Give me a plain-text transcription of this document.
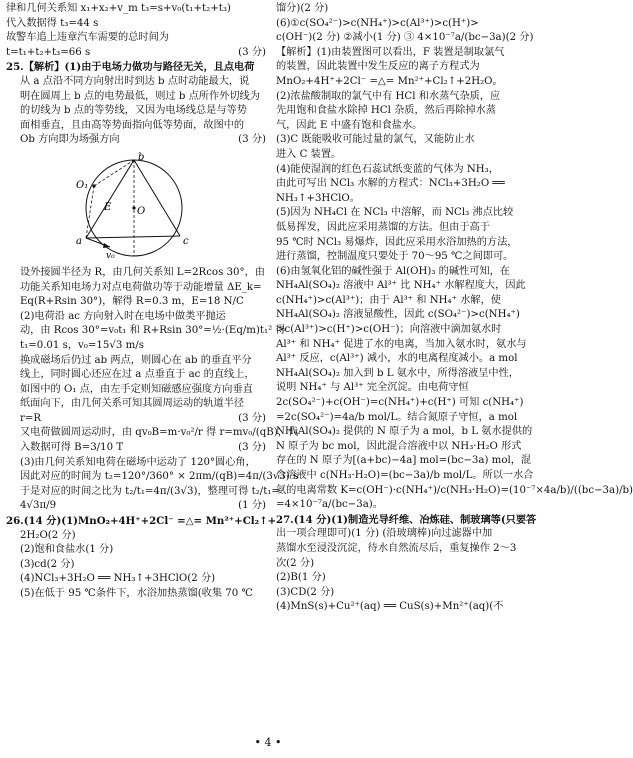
律和几何关系知 x₁+x₂+v_m t₃=s+v₀(t₁+t₂+t₃)
代入数据得 t₃=44 s
故警车追上违章汽车需要的总时间为
t=t₁+t₂+t₃=66 s	(3 分)
25.【解析】(1)由于电场力做功与路径无关，且点电荷
从 a 点沿不同方向射出时到达 b 点时动能最大，说
明在圆周上 b 点的电势最低，则过 b 点所作外切线为
的切线为 b 点的等势线，又因为电场线总是与等势
面相垂直，且由高等势面指向低等势面，故图中的
Ob 方向即为场强方向	(3 分)
b
O
O₁
a	c
E
v₀
设外接圆半径为 R，由几何关系知 L=2Rcos 30°，由
功能关系知电场力对点电荷做功等于动能增量 ΔE_k=
Eq(R+Rsin 30°)，解得 R=0.3 m，E=18 N/C
(2)电荷沿 ac 方向射入时在电场中做类平抛运
动，由 Rcos 30°=v₀t₁ 和 R+Rsin 30°=½·(Eq/m)t₁² 得
t₁=0.01 s，v₀=15√3 m/s
换成磁场后仍过 ab 两点，则圆心在 ab 的垂直平分
线上，同时圆心还应在过 a 点垂直于 ac 的直线上，
如图中的 O₁ 点，由左手定则知磁感应强度方向垂直
纸面向下，由几何关系可知其圆周运动的轨道半径
r=R	(3 分)
又电荷做圆周运动时，由 qv₀B=m·v₀²/r 得 r=mv₀/(qB)，代
入数据可得 B=3/10 T	(3 分)
(3)由几何关系知电荷在磁场中运动了 120°圆心角，
因此对应的时间为 t₂=120°/360° × 2πm/(qB)=4π/(3√3) s
于是对应的时间之比为 t₂/t₁=4π/(3√3)，整理可得 t₂/t₁=
4√3π/9	(1 分)
26.(14 分)(1)MnO₂+4H⁺+2Cl⁻ =△= Mn²⁺+Cl₂↑+
2H₂O(2 分)
(2)饱和食盐水(1 分)
(3)cd(2 分)
(4)NCl₃+3H₂O ══ NH₃↑+3HClO(2 分)
(5)在低于 95 ℃条件下，水浴加热蒸馏(收集 70 ℃
馏分)(2 分)
(6)①c(SO₄²⁻)>c(NH₄⁺)>c(Al³⁺)>c(H⁺)>
c(OH⁻)(2 分) ②减小(1 分) ③ 4×10⁻⁷a/(bc−3a)(2 分)
【解析】(1)由装置图可以看出，F 装置是制取氯气
的装置，因此装置中发生反应的离子方程式为
MnO₂+4H⁺+2Cl⁻ =△= Mn²⁺+Cl₂↑+2H₂O。
(2)浓盐酸制取的氯气中有 HCl 和水蒸气杂质，应
先用饱和食盐水除掉 HCl 杂质，然后再除掉水蒸
气，因此 E 中盛有饱和食盐水。
(3)C 既能吸收可能过量的氯气，又能防止水
进入 C 装置。
(4)能使湿润的红色石蕊试纸变蓝的气体为 NH₃，
由此可写出 NCl₃ 水解的方程式：NCl₃+3H₂O ══
NH₃↑+3HClO。
(5)因为 NH₄Cl 在 NCl₃ 中溶解，而 NCl₃ 沸点比较
低易挥发，因此应采用蒸馏的方法。但由于高于
95 ℃时 NCl₃ 易爆炸，因此应采用水浴加热的方法，
进行蒸馏，控制温度只要处于 70～95 ℃之间即可。
(6)由氢氧化铝的碱性强于 Al(OH)₃ 的碱性可知，在
NH₄Al(SO₄)₂ 溶液中 Al³⁺ 比 NH₄⁺ 水解程度大，因此
c(NH₄⁺)>c(Al³⁺)；由于 Al³⁺ 和 NH₄⁺ 水解，使
NH₄Al(SO₄)₂ 溶液显酸性，因此 c(SO₄²⁻)>c(NH₄⁺)
>c(Al³⁺)>c(H⁺)>c(OH⁻)；向溶液中滴加氨水时
Al³⁺ 和 NH₄⁺ 促进了水的电离，当加入氨水时，氨水与
Al³⁺ 反应，c(Al³⁺) 减小，水的电离程度减小。a mol
NH₄Al(SO₄)₂ 加入到 b L 氨水中，所得溶液呈中性，
说明 NH₄⁺ 与 Al³⁺ 完全沉淀。由电荷守恒
2c(SO₄²⁻)+c(OH⁻)=c(NH₄⁺)+c(H⁺) 可知 c(NH₄⁺)
=2c(SO₄²⁻)=4a/b mol/L。结合氮原子守恒，a mol
NH₄Al(SO₄)₂ 提供的 N 原子为 a mol，b L 氨水提供的
N 原子为 bc mol，因此混合溶液中以 NH₃·H₂O 形式
存在的 N 原子为[(a+bc)−4a] mol=(bc−3a) mol，混
合溶液中 c(NH₃·H₂O)=(bc−3a)/b mol/L。所以一水合
氨的电离常数 K=c(OH⁻)·c(NH₄⁺)/c(NH₃·H₂O)=(10⁻⁷×4a/b)/((bc−3a)/b)
=4×10⁻⁷a/(bc−3a)。
27.(14 分)(1)制造光导纤维、冶炼硅、制玻璃等(只要答
出一项合理即可)(1 分) (沿玻璃棒)向过滤器中加
蒸馏水至浸没沉淀，待水自然流尽后，重复操作 2～3
次(2 分)
(2)B(1 分)
(3)CD(2 分)
(4)MnS(s)+Cu²⁺(aq) ══ CuS(s)+Mn²⁺(aq)(不
• 4 •
